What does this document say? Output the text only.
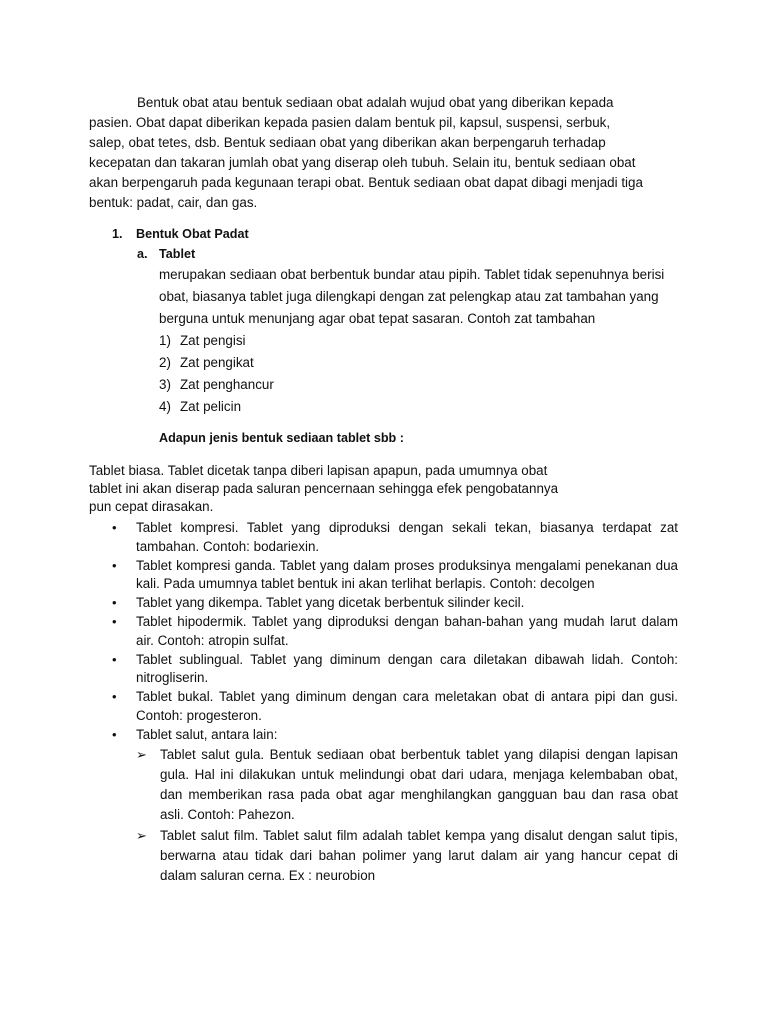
Bentuk obat atau bentuk sediaan obat adalah wujud obat yang diberikan kepada pasien. Obat dapat diberikan kepada pasien dalam bentuk pil, kapsul, suspensi, serbuk, salep, obat tetes, dsb. Bentuk sediaan obat yang diberikan akan berpengaruh terhadap kecepatan dan takaran jumlah obat yang diserap oleh tubuh. Selain itu, bentuk sediaan obat akan berpengaruh pada kegunaan terapi obat. Bentuk sediaan obat dapat dibagi menjadi tiga bentuk: padat, cair, dan gas.
1. Bentuk Obat Padat
a. Tablet
merupakan sediaan obat berbentuk bundar atau pipih. Tablet tidak sepenuhnya berisi obat, biasanya tablet juga dilengkapi dengan zat pelengkap atau zat tambahan yang berguna untuk menunjang agar obat tepat sasaran. Contoh zat tambahan
1) Zat pengisi
2) Zat pengikat
3) Zat penghancur
4) Zat pelicin
Adapun jenis bentuk sediaan tablet sbb :
Tablet biasa. Tablet dicetak tanpa diberi lapisan apapun, pada umumnya obat tablet ini akan diserap pada saluran pencernaan sehingga efek pengobatannya pun cepat dirasakan.
• Tablet kompresi. Tablet yang diproduksi dengan sekali tekan, biasanya terdapat zat tambahan. Contoh: bodariexin.
• Tablet kompresi ganda. Tablet yang dalam proses produksinya mengalami penekanan dua kali. Pada umumnya tablet bentuk ini akan terlihat berlapis. Contoh: decolgen
• Tablet yang dikempa. Tablet yang dicetak berbentuk silinder kecil.
• Tablet hipodermik. Tablet yang diproduksi dengan bahan-bahan yang mudah larut dalam air. Contoh: atropin sulfat.
• Tablet sublingual. Tablet yang diminum dengan cara diletakan dibawah lidah. Contoh: nitrogliserin.
• Tablet bukal. Tablet yang diminum dengan cara meletakan obat di antara pipi dan gusi. Contoh: progesteron.
• Tablet salut, antara lain:
➢ Tablet salut gula. Bentuk sediaan obat berbentuk tablet yang dilapisi dengan lapisan gula. Hal ini dilakukan untuk melindungi obat dari udara, menjaga kelembaban obat, dan memberikan rasa pada obat agar menghilangkan gangguan bau dan rasa obat asli. Contoh: Pahezon.
➢ Tablet salut film. Tablet salut film adalah tablet kempa yang disalut dengan salut tipis, berwarna atau tidak dari bahan polimer yang larut dalam air yang hancur cepat di dalam saluran cerna. Ex : neurobion
